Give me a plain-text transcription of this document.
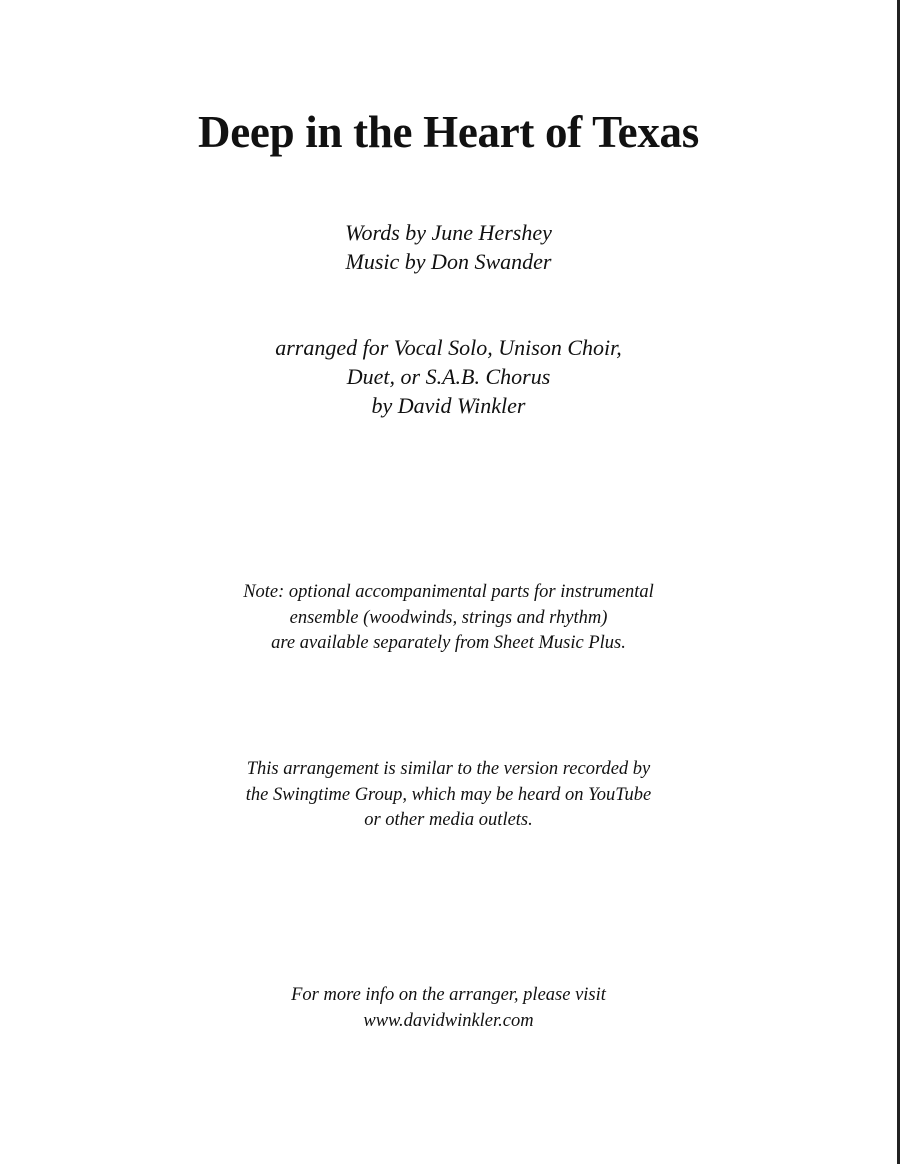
Deep in the Heart of Texas
Words by June Hershey
Music by Don Swander
arranged for Vocal Solo, Unison Choir,
Duet, or S.A.B. Chorus
by David Winkler
Note: optional accompanimental parts for instrumental
ensemble (woodwinds, strings and rhythm)
are available separately from Sheet Music Plus.
This arrangement is similar to the version recorded by
the Swingtime Group, which may be heard on YouTube
or other media outlets.
For more info on the arranger, please visit
www.davidwinkler.com
